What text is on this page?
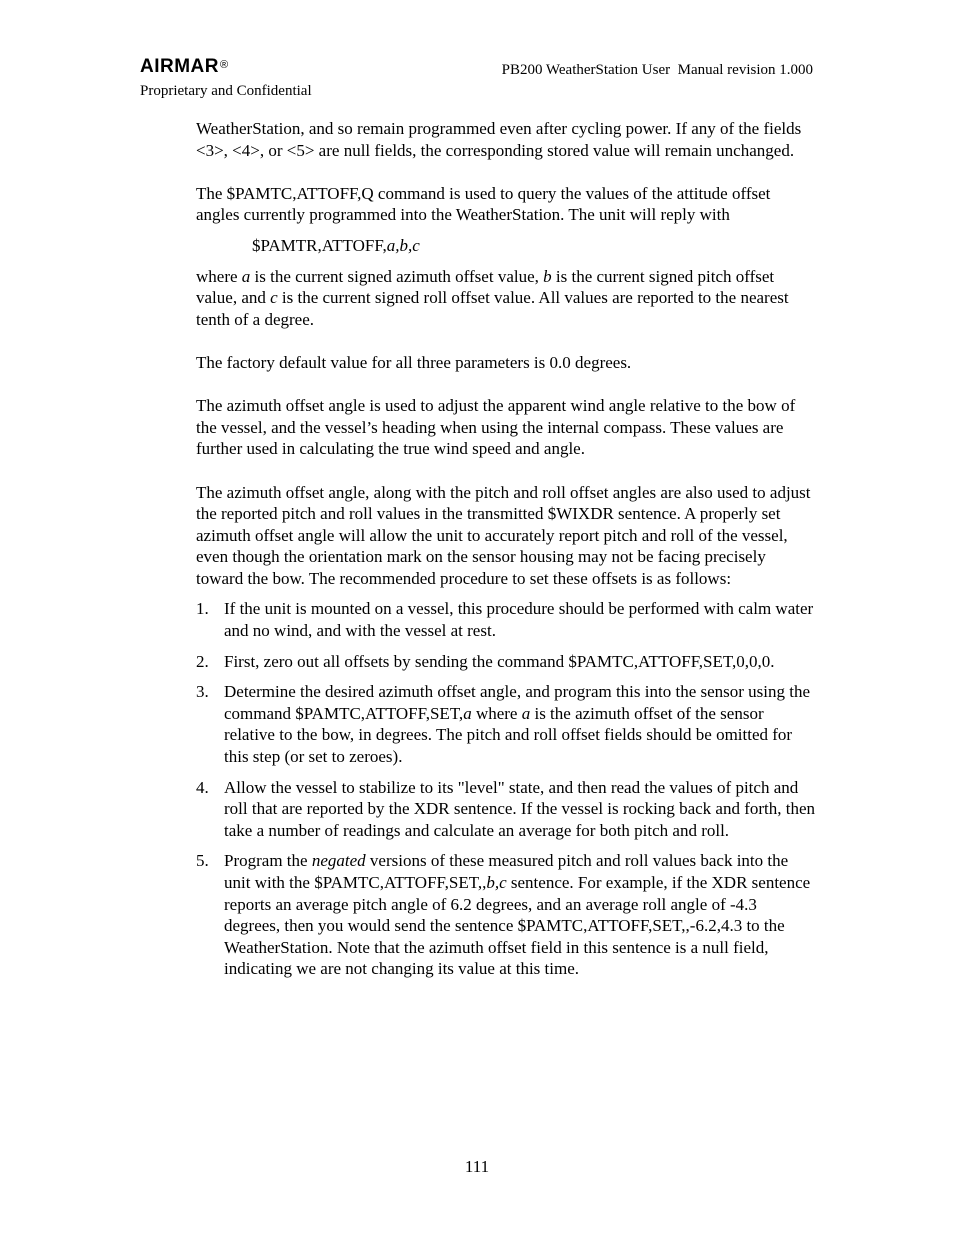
AIRMAR®
Proprietary and Confidential
PB200 WeatherStation User  Manual revision 1.000

WeatherStation, and so remain programmed even after cycling power. If any of the fields <3>, <4>, or <5> are null fields, the corresponding stored value will remain unchanged.

The $PAMTC,ATTOFF,Q command is used to query the values of the attitude offset angles currently programmed into the WeatherStation. The unit will reply with

$PAMTR,ATTOFF,a,b,c

where a is the current signed azimuth offset value, b is the current signed pitch offset value, and c is the current signed roll offset value. All values are reported to the nearest tenth of a degree.

The factory default value for all three parameters is 0.0 degrees.

The azimuth offset angle is used to adjust the apparent wind angle relative to the bow of the vessel, and the vessel’s heading when using the internal compass. These values are further used in calculating the true wind speed and angle.

The azimuth offset angle, along with the pitch and roll offset angles are also used to adjust the reported pitch and roll values in the transmitted $WIXDR sentence. A properly set azimuth offset angle will allow the unit to accurately report pitch and roll of the vessel, even though the orientation mark on the sensor housing may not be facing precisely toward the bow. The recommended procedure to set these offsets is as follows:

1. If the unit is mounted on a vessel, this procedure should be performed with calm water and no wind, and with the vessel at rest.
2. First, zero out all offsets by sending the command $PAMTC,ATTOFF,SET,0,0,0.
3. Determine the desired azimuth offset angle, and program this into the sensor using the command $PAMTC,ATTOFF,SET,a where a is the azimuth offset of the sensor relative to the bow, in degrees. The pitch and roll offset fields should be omitted for this step (or set to zeroes).
4. Allow the vessel to stabilize to its "level" state, and then read the values of pitch and roll that are reported by the XDR sentence. If the vessel is rocking back and forth, then take a number of readings and calculate an average for both pitch and roll.
5. Program the negated versions of these measured pitch and roll values back into the unit with the $PAMTC,ATTOFF,SET,,b,c sentence. For example, if the XDR sentence reports an average pitch angle of 6.2 degrees, and an average roll angle of -4.3 degrees, then you would send the sentence $PAMTC,ATTOFF,SET,,-6.2,4.3 to the WeatherStation. Note that the azimuth offset field in this sentence is a null field, indicating we are not changing its value at this time.
111
